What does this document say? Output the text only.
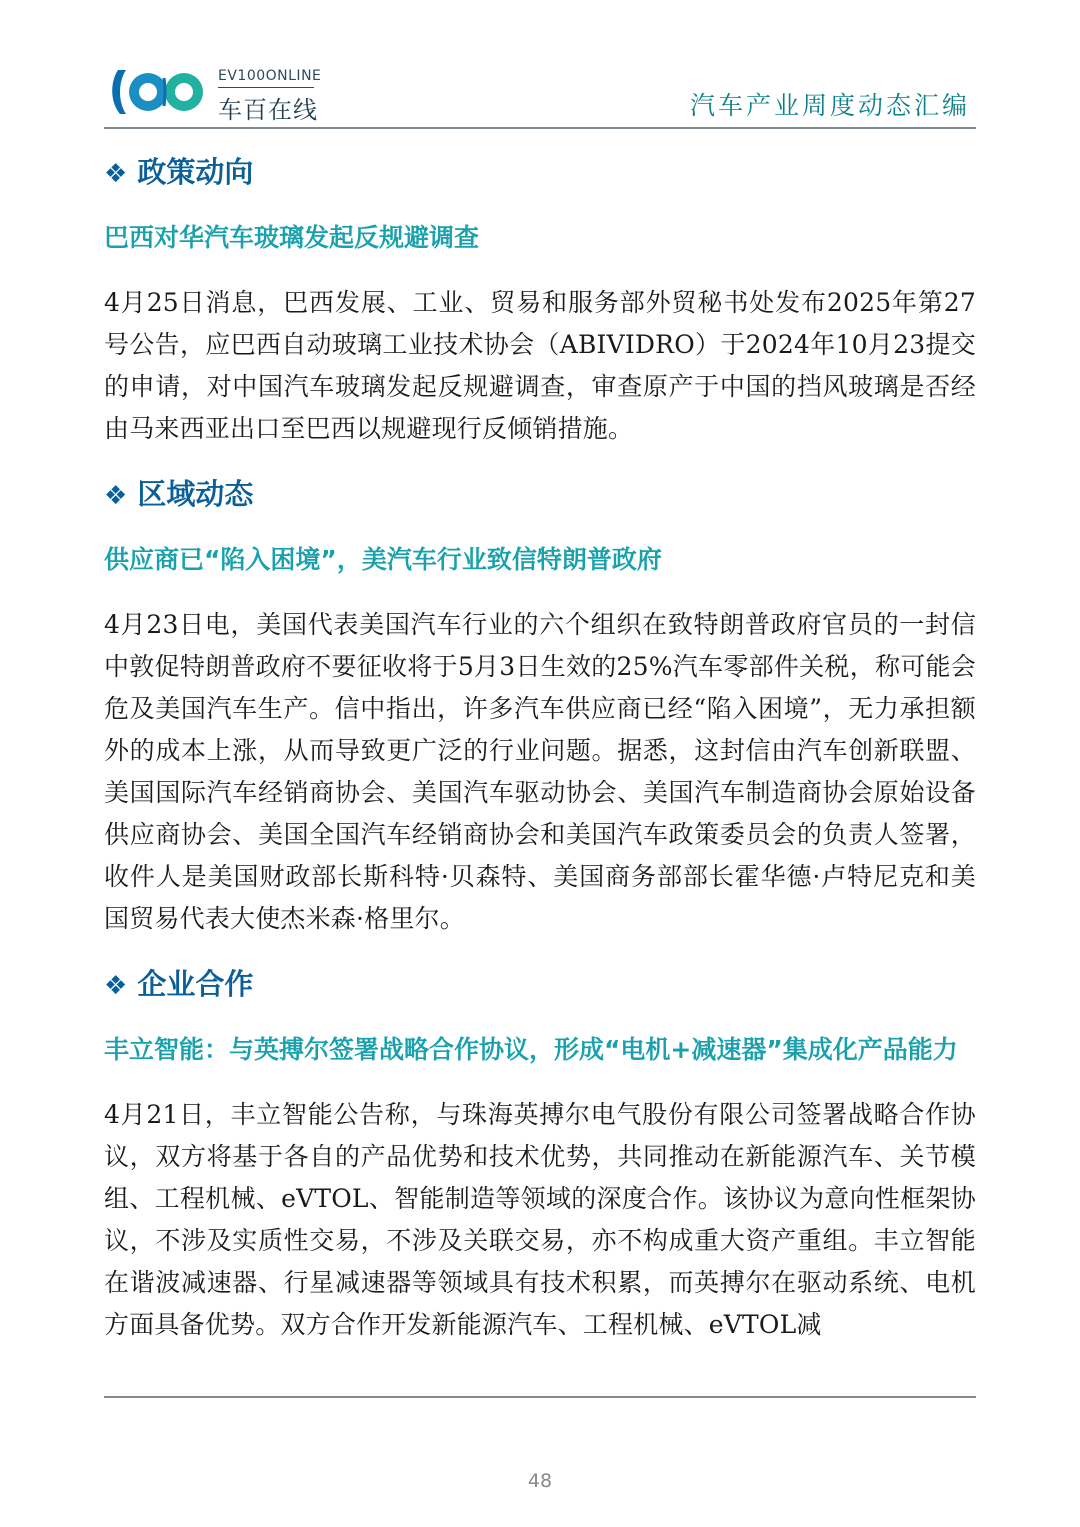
EV100ONLINE
车百在线	汽车产业周度动态汇编
❖ 政策动向
巴西对华汽车玻璃发起反规避调查

4月25日消息，巴西发展、工业、贸易和服务部外贸秘书处发布2025年第27号公告，应巴西自动玻璃工业技术协会（ABIVIDRO）于2024年10月23提交的申请，对中国汽车玻璃发起反规避调查，审查原产于中国的挡风玻璃是否经由马来西亚出口至巴西以规避现行反倾销措施。

❖ 区域动态
供应商已“陷入困境”，美汽车行业致信特朗普政府

4月23日电，美国代表美国汽车行业的六个组织在致特朗普政府官员的一封信中敦促特朗普政府不要征收将于5月3日生效的25%汽车零部件关税，称可能会危及美国汽车生产。信中指出，许多汽车供应商已经“陷入困境”，无力承担额外的成本上涨，从而导致更广泛的行业问题。据悉，这封信由汽车创新联盟、美国国际汽车经销商协会、美国汽车驱动协会、美国汽车制造商协会原始设备供应商协会、美国全国汽车经销商协会和美国汽车政策委员会的负责人签署，收件人是美国财政部长斯科特·贝森特、美国商务部部长霍华德·卢特尼克和美国贸易代表大使杰米森·格里尔。

❖ 企业合作
丰立智能：与英搏尔签署战略合作协议，形成“电机+减速器”集成化产品能力

4月21日，丰立智能公告称，与珠海英搏尔电气股份有限公司签署战略合作协议，双方将基于各自的产品优势和技术优势，共同推动在新能源汽车、关节模组、工程机械、eVTOL、智能制造等领域的深度合作。该协议为意向性框架协议，不涉及实质性交易，不涉及关联交易，亦不构成重大资产重组。丰立智能在谐波减速器、行星减速器等领域具有技术积累，而英搏尔在驱动系统、电机方面具备优势。双方合作开发新能源汽车、工程机械、eVTOL减

48
